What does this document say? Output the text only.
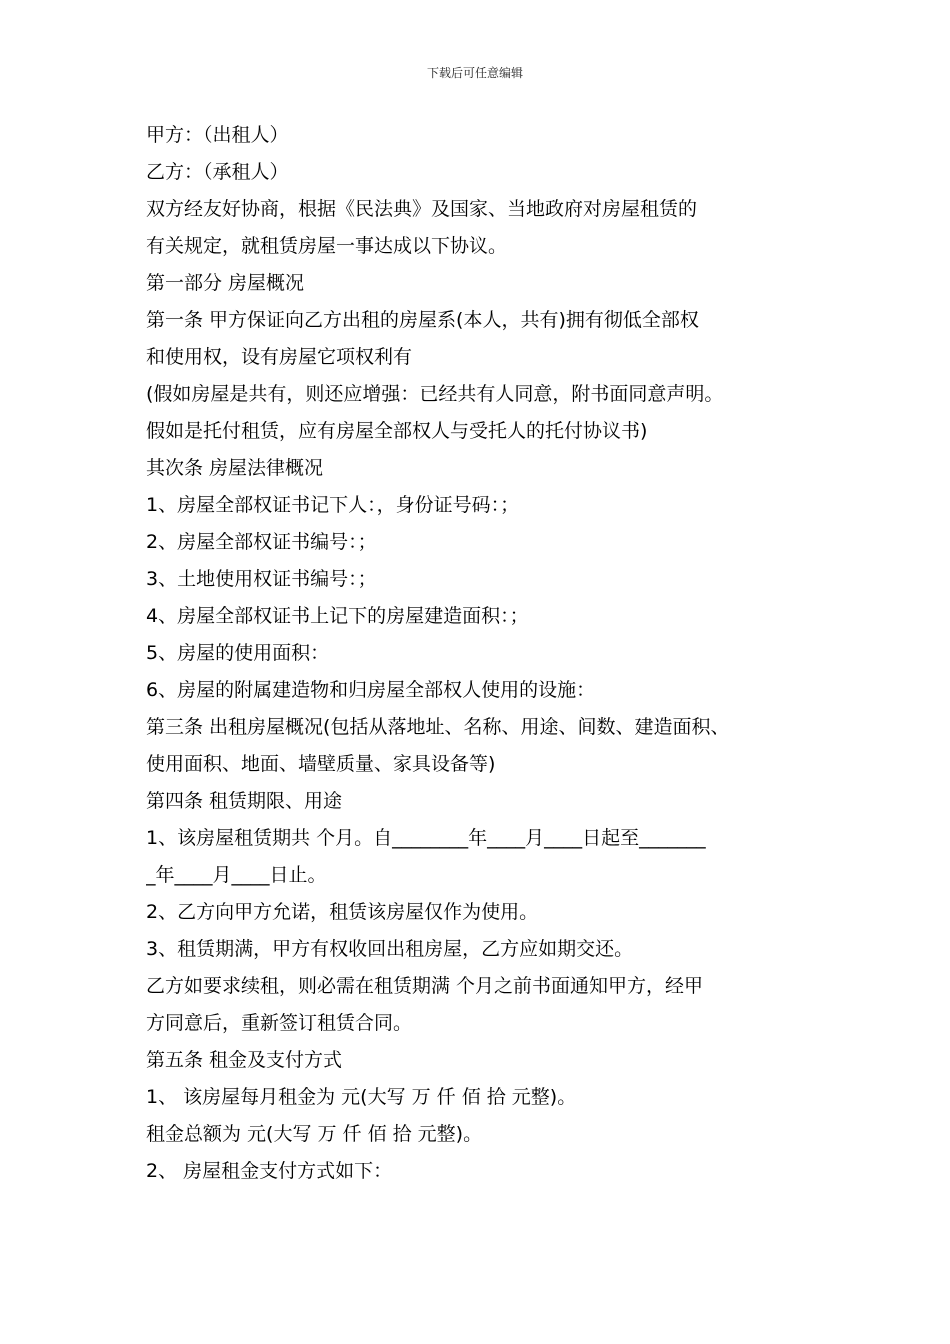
下载后可任意编辑
甲方：（出租人）
乙方：（承租人）
双方经友好协商，根据《民法典》及国家、当地政府对房屋租赁的
有关规定，就租赁房屋一事达成以下协议。
第一部分 房屋概况
第一条 甲方保证向乙方出租的房屋系(本人，共有)拥有彻低全部权
和使用权，设有房屋它项权利有
(假如房屋是共有，则还应增强：已经共有人同意，附书面同意声明。
假如是托付租赁，应有房屋全部权人与受托人的托付协议书)
其次条 房屋法律概况
1、房屋全部权证书记下人：，身份证号码：；
2、房屋全部权证书编号：；
3、土地使用权证书编号：；
4、房屋全部权证书上记下的房屋建造面积：；
5、房屋的使用面积：
6、房屋的附属建造物和归房屋全部权人使用的设施：
第三条 出租房屋概况(包括从落地址、名称、用途、间数、建造面积、
使用面积、地面、墙壁质量、家具设备等)
第四条 租赁期限、用途
1、该房屋租赁期共 个月。自________年____月____日起至_______
_年____月____日止。
2、乙方向甲方允诺，租赁该房屋仅作为使用。
3、租赁期满，甲方有权收回出租房屋，乙方应如期交还。
乙方如要求续租，则必需在租赁期满 个月之前书面通知甲方，经甲
方同意后，重新签订租赁合同。
第五条 租金及支付方式
1、 该房屋每月租金为 元(大写 万 仟 佰 拾 元整)。
租金总额为 元(大写 万 仟 佰 拾 元整)。
2、 房屋租金支付方式如下：
